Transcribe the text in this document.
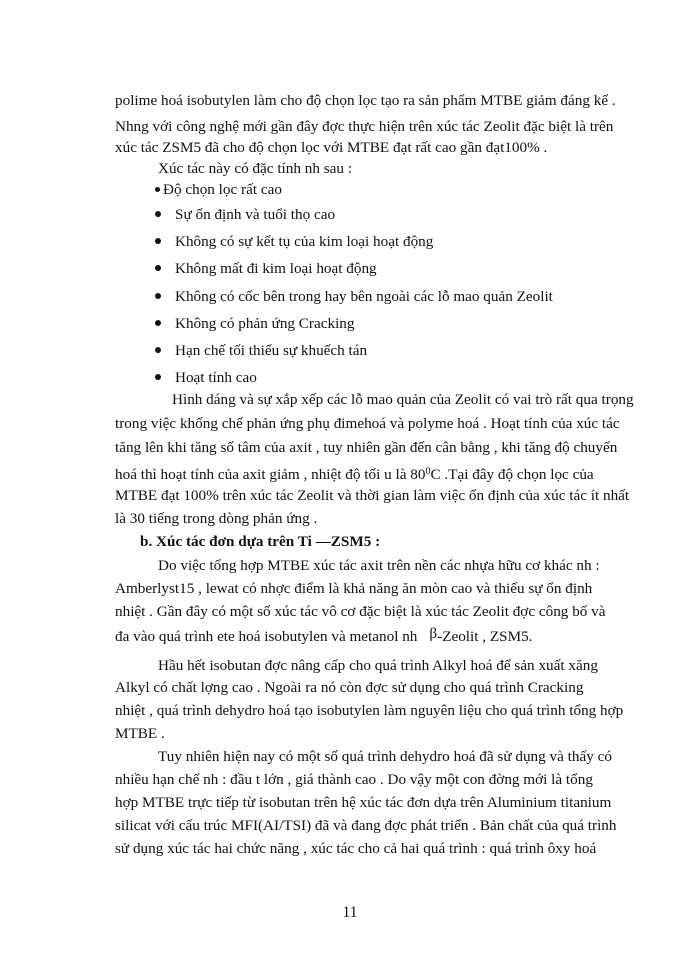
polime hoá isobutylen làm cho độ chọn lọc tạo ra sản phẩm MTBE giảm đáng kể .
Nhng với công nghệ mới gần đây đợc thực hiện trên xúc tác Zeolit đặc biệt là trên
xúc tác ZSM5 đã cho độ chọn lọc với MTBE đạt rất cao gần đạt100% .
Xúc tác này có đặc tính nh sau :
Độ chọn lọc rất cao
Sự ổn định và tuổi thọ cao
Không có sự kết tụ của kim loại hoạt động
Không mất đi kim loại hoạt động
Không có cốc bên trong hay bên ngoài các lỗ mao quản Zeolit
Không có phản ứng Cracking
Hạn chế tối thiểu sự khuếch tán
Hoạt tính cao
Hình dáng và sự xắp xếp các lỗ mao quản của Zeolit có vai trò rất qua trọng
trong việc khống chế phản ứng phụ đimehoá và polyme hoá . Hoạt tính của xúc tác
tăng lên khi tăng số tâm của axit , tuy nhiên gần đến cân bằng , khi tăng độ chuyển
hoá thì hoạt tính của axit giảm , nhiệt độ tối u là $80^0C$ .Tại đây độ chọn lọc của
MTBE đạt 100% trên xúc tác Zeolit và thời gian làm việc ổn định của xúc tác ít nhất
là 30 tiếng trong dòng phản ứng .
b. Xúc tác đơn dựa trên Ti —ZSM5 :
Do việc tổng hợp MTBE xúc tác axit trên nền các nhựa hữu cơ khác nh :
Amberlyst15 , lewat có nhợc điểm là khả năng ăn mòn cao và thiếu sự ổn định
nhiệt . Gần đây có một số xúc tác vô cơ đặc biệt là xúc tác Zeolit đợc công bố và
đa vào quá trình ete hoá isobutylen và metanol nh β-Zeolit , ZSM5.
Hầu hết isobutan đợc nâng cấp cho quá trình Alkyl hoá để sản xuất xăng
Alkyl có chất lợng cao . Ngoài ra nó còn đợc sử dụng cho quá trình Cracking
nhiệt , quá trình dehydro hoá tạo isobutylen làm nguyên liệu cho quá trình tổng hợp
MTBE .
Tuy nhiên hiện nay có một số quá trình dehydro hoá đã sử dụng và thấy có
nhiều hạn chế nh : đầu t lớn , giá thành cao . Do vậy một con đờng mới là tổng
hợp MTBE trực tiếp từ isobutan trên hệ xúc tác đơn dựa trên Aluminium titanium
silicat với cấu trúc MFI(AI/TSI) đã và đang đợc phát triển . Bản chất của quá trình
sử dụng xúc tác hai chức năng , xúc tác cho cả hai quá trình : quá trình ôxy hoá
11
